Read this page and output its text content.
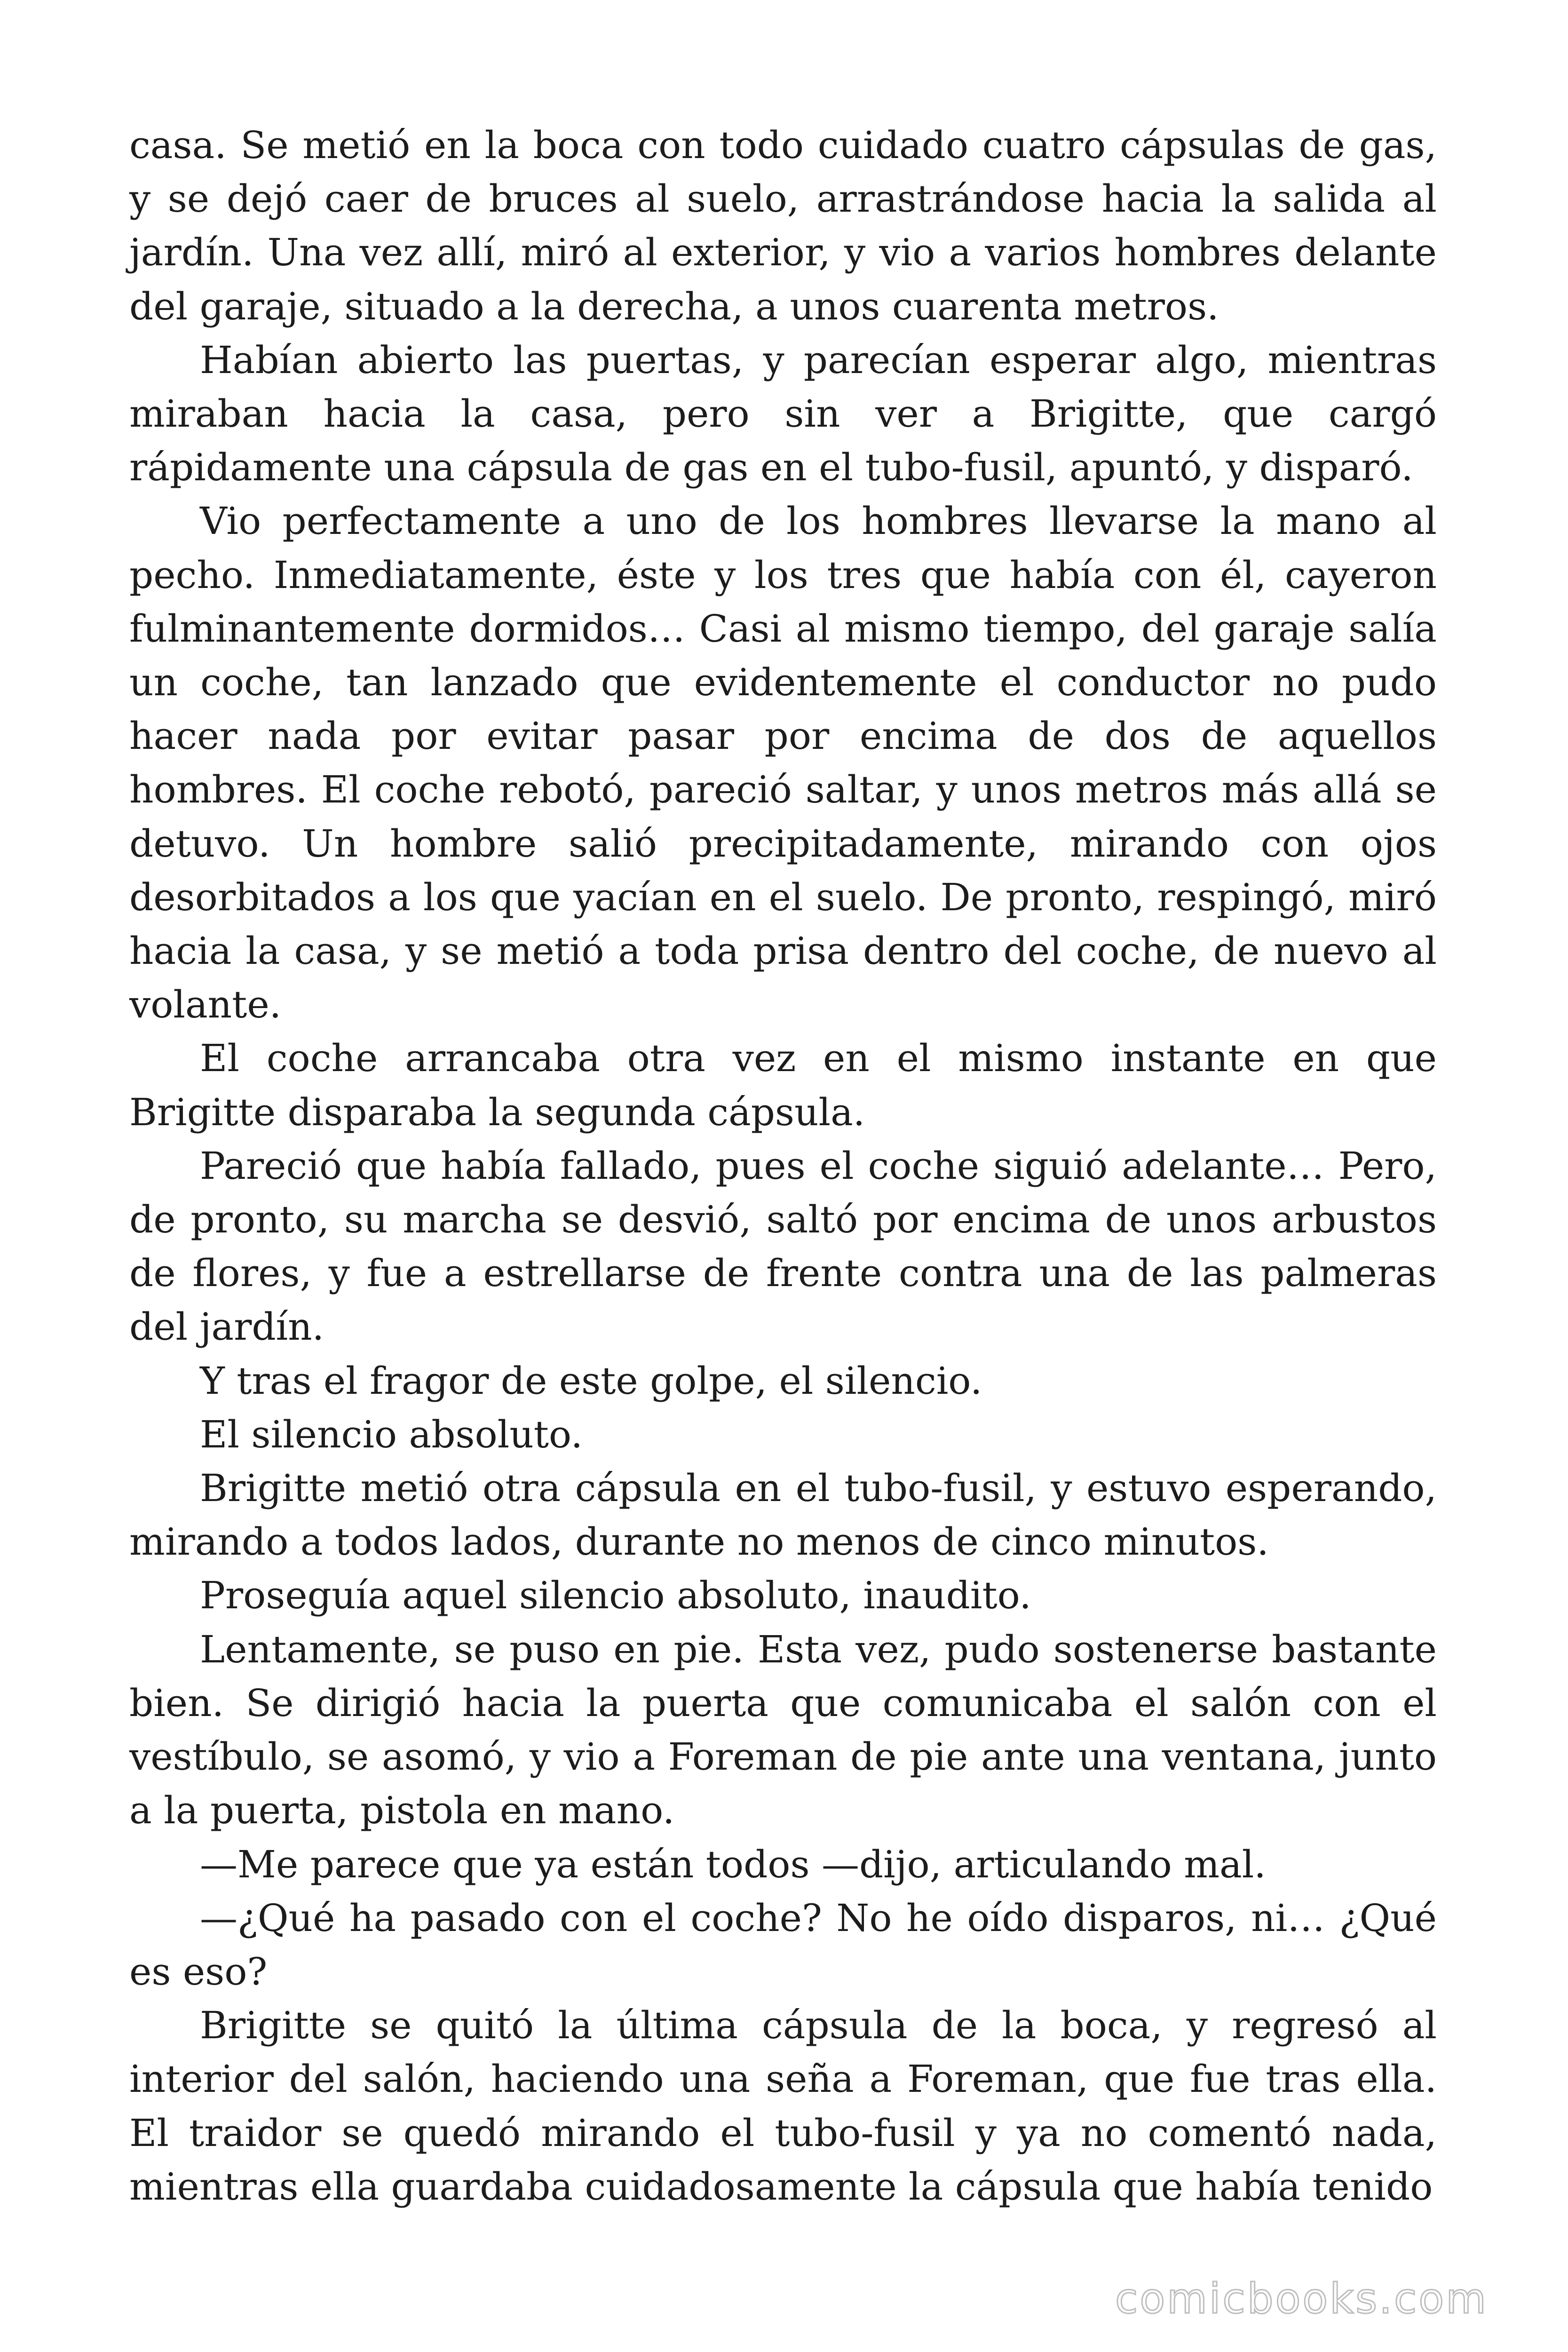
casa. Se metió en la boca con todo cuidado cuatro cápsulas de gas, y se dejó caer de bruces al suelo, arrastrándose hacia la salida al jardín. Una vez allí, miró al exterior, y vio a varios hombres delante del garaje, situado a la derecha, a unos cuarenta metros.

Habían abierto las puertas, y parecían esperar algo, mientras miraban hacia la casa, pero sin ver a Brigitte, que cargó rápidamente una cápsula de gas en el tubo-fusil, apuntó, y disparó.

Vio perfectamente a uno de los hombres llevarse la mano al pecho. Inmediatamente, éste y los tres que había con él, cayeron fulminantemente dormidos… Casi al mismo tiempo, del garaje salía un coche, tan lanzado que evidentemente el conductor no pudo hacer nada por evitar pasar por encima de dos de aquellos hombres. El coche rebotó, pareció saltar, y unos metros más allá se detuvo. Un hombre salió precipitadamente, mirando con ojos desorbitados a los que yacían en el suelo. De pronto, respingó, miró hacia la casa, y se metió a toda prisa dentro del coche, de nuevo al volante.

El coche arrancaba otra vez en el mismo instante en que Brigitte disparaba la segunda cápsula.

Pareció que había fallado, pues el coche siguió adelante… Pero, de pronto, su marcha se desvió, saltó por encima de unos arbustos de flores, y fue a estrellarse de frente contra una de las palmeras del jardín.

Y tras el fragor de este golpe, el silencio.

El silencio absoluto.

Brigitte metió otra cápsula en el tubo-fusil, y estuvo esperando, mirando a todos lados, durante no menos de cinco minutos.

Proseguía aquel silencio absoluto, inaudito.

Lentamente, se puso en pie. Esta vez, pudo sostenerse bastante bien. Se dirigió hacia la puerta que comunicaba el salón con el vestíbulo, se asomó, y vio a Foreman de pie ante una ventana, junto a la puerta, pistola en mano.

—Me parece que ya están todos —dijo, articulando mal.

—¿Qué ha pasado con el coche? No he oído disparos, ni… ¿Qué es eso?

Brigitte se quitó la última cápsula de la boca, y regresó al interior del salón, haciendo una seña a Foreman, que fue tras ella. El traidor se quedó mirando el tubo-fusil y ya no comentó nada, mientras ella guardaba cuidadosamente la cápsula que había tenido

comicbooks.com
